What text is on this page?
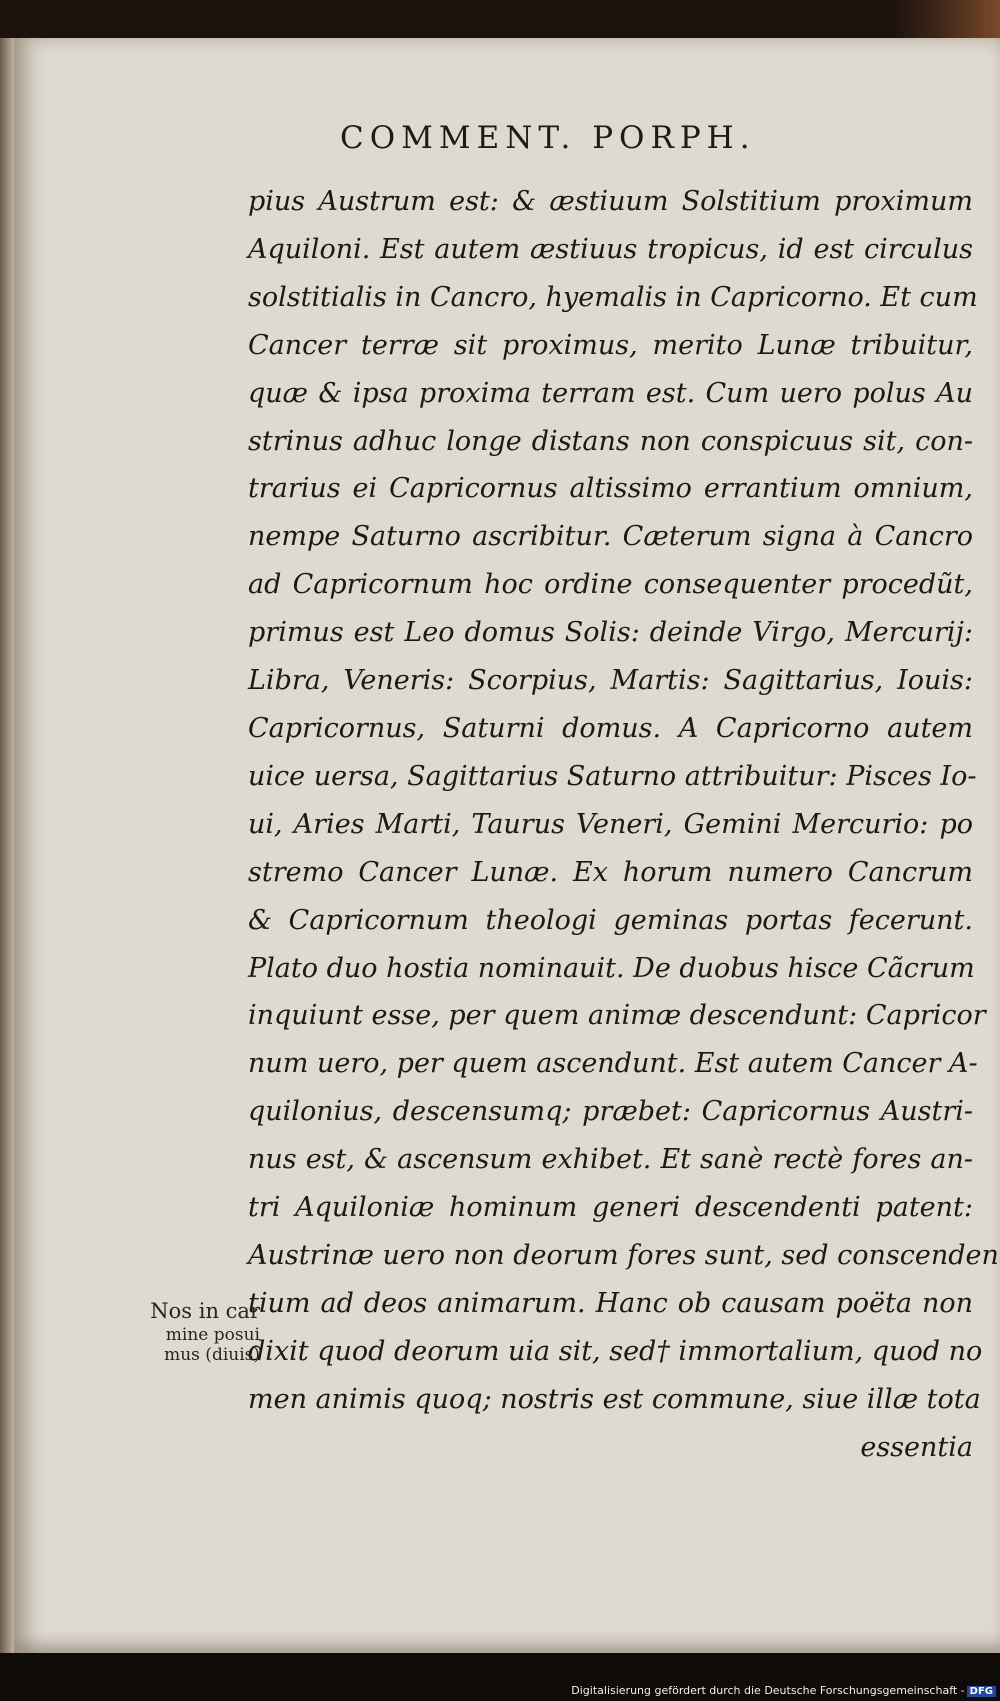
COMMENT. PORPH.
pius Austrum est: & æstiuum Solstitium proximum
Aquiloni. Est autem æstiuus tropicus, id est circulus
solstitialis in Cancro, hyemalis in Capricorno. Et cum
Cancer terræ sit proximus, merito Lunæ tribuitur,
quæ & ipsa proxima terram est. Cum uero polus Au
strinus adhuc longe distans non conspicuus sit, con-
trarius ei Capricornus altissimo errantium omnium,
nempe Saturno ascribitur. Cæterum signa à Cancro
ad Capricornum hoc ordine consequenter procedũt,
primus est Leo domus Solis: deinde Virgo, Mercurij:
Libra, Veneris: Scorpius, Martis: Sagittarius, Iouis:
Capricornus, Saturni domus. A Capricorno autem
uice uersa, Sagittarius Saturno attribuitur: Pisces Io-
ui, Aries Marti, Taurus Veneri, Gemini Mercurio: po
stremo Cancer Lunæ. Ex horum numero Cancrum
& Capricornum theologi geminas portas fecerunt.
Plato duo hostia nominauit. De duobus hisce Cãcrum
inquiunt esse, per quem animæ descendunt: Capricor
num uero, per quem ascendunt. Est autem Cancer A-
quilonius, descensumq; præbet: Capricornus Austri-
nus est, & ascensum exhibet. Et sanè rectè fores an-
tri Aquiloniæ hominum generi descendenti patent:
Austrinæ uero non deorum fores sunt, sed conscenden
tium ad deos animarum. Hanc ob causam poëta non
dixit quod deorum uia sit, sed† immortalium, quod no
men animis quoq; nostris est commune, siue illæ tota
essentia
Nos in car
mine posui
mus (diuis)
Digitalisierung gefördert durch die Deutsche Forschungsgemeinschaft - DFG
